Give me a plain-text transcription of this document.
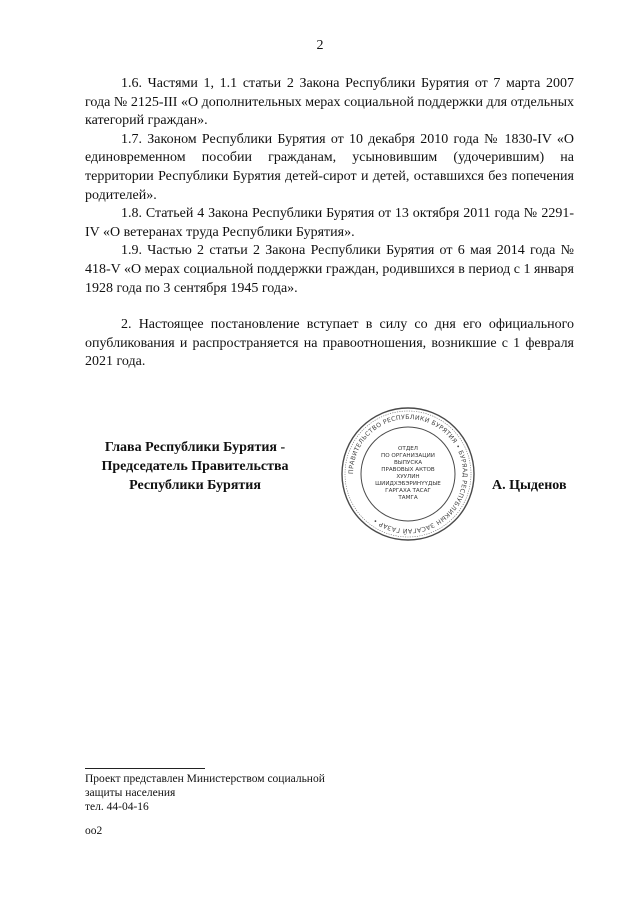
2

1.6. Частями 1, 1.1 статьи 2 Закона Республики Бурятия от 7 марта 2007 года № 2125-III «О дополнительных мерах социальной поддержки для отдельных категорий граждан».

1.7. Законом Республики Бурятия от 10 декабря 2010 года № 1830-IV «О единовременном пособии гражданам, усыновившим (удочерившим) на территории Республики Бурятия детей-сирот и детей, оставшихся без попечения родителей».

1.8. Статьей 4 Закона Республики Бурятия от 13 октября 2011 года № 2291-IV «О ветеранах труда Республики Бурятия».

1.9. Частью 2 статьи 2 Закона Республики Бурятия от 6 мая 2014 года № 418-V «О мерах социальной поддержки граждан, родившихся в период с 1 января 1928 года по 3 сентября 1945 года».

2. Настоящее постановление вступает в силу со дня его официального опубликования и распространяется на правоотношения, возникшие с 1 февраля 2021 года.

Глава Республики Бурятия -
Председатель Правительства
Республики Бурятия
ПРАВИТЕЛЬСТВО РЕСПУБЛИКИ БУРЯТИЯ • БУРЯАД РЕСПУБЛИКЫН ЗАСАГАЙ ГАЗАР •
ОТДЕЛ
ПО ОРГАНИЗАЦИИ
ВЫПУСКА
ПРАВОВЫХ АКТОВ
ХУУЛИН
ШИИДХЭБЭРИНҮҮДЫЕ
ГАРГАХА ТАСАГ
ТАМГА
А. Цыденов
Проект представлен Министерством социальной
защиты населения
тел. 44-04-16
оо2
